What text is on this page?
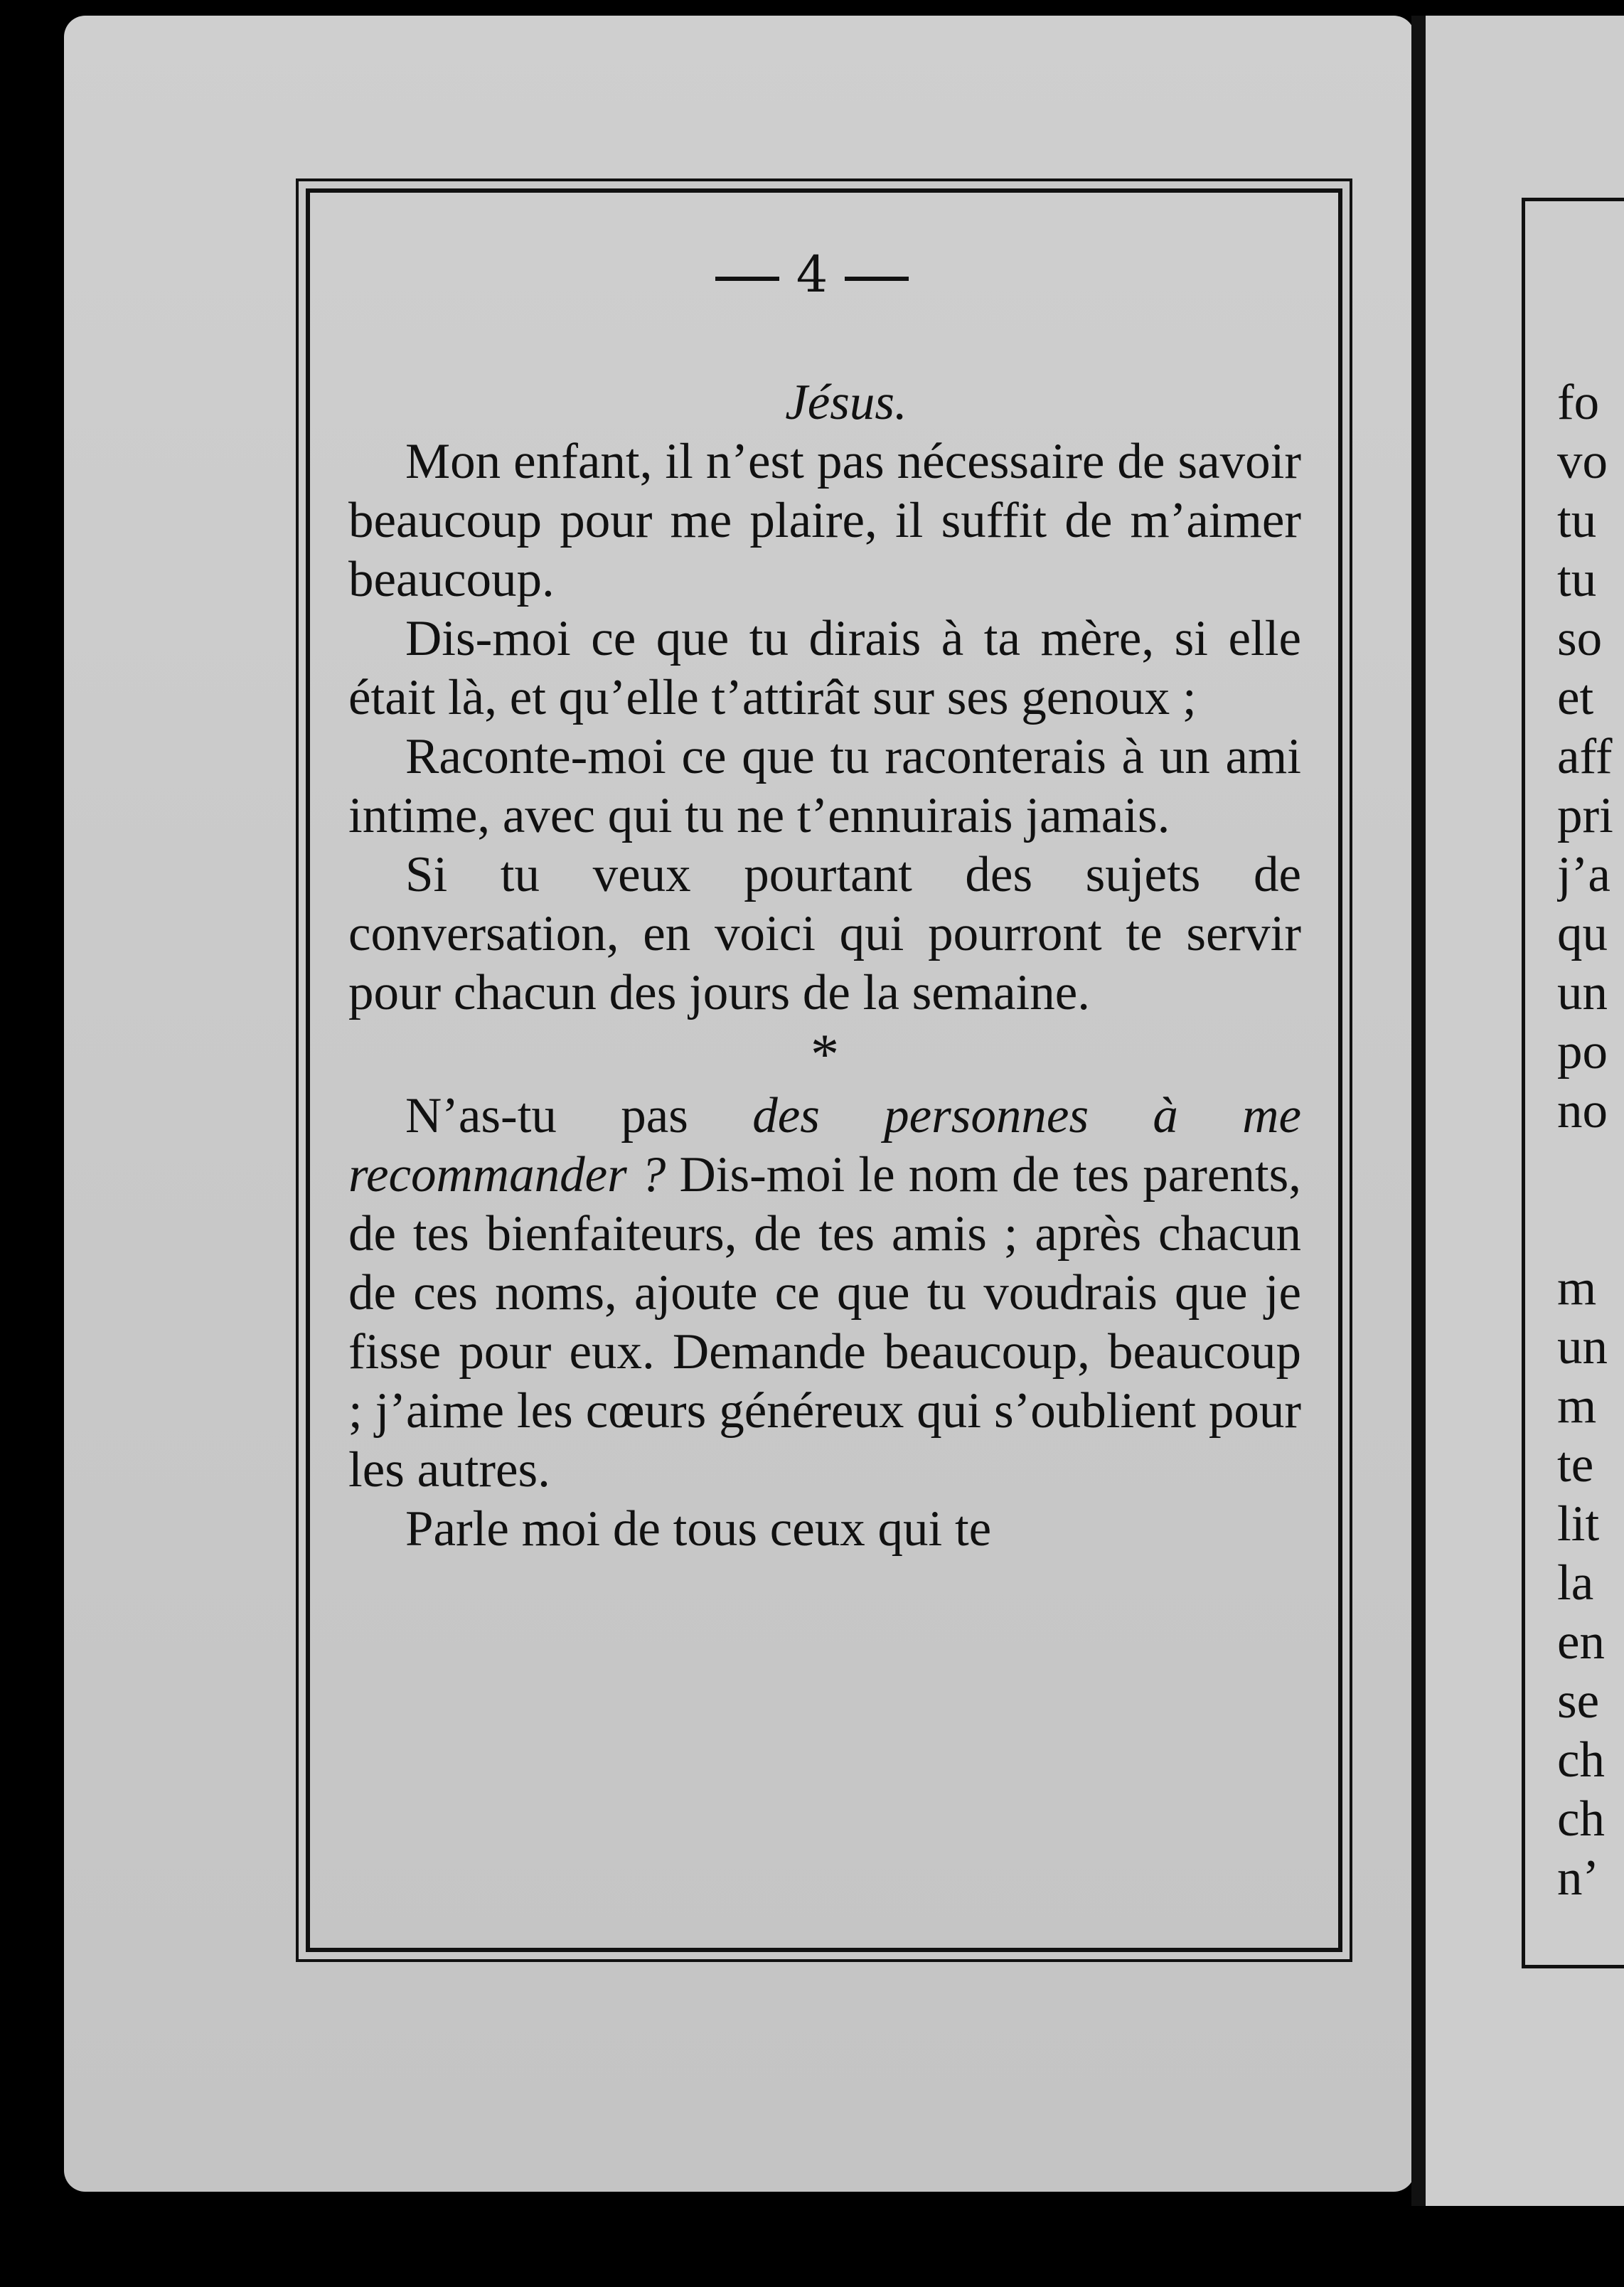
4

Jésus.

Mon enfant, il n’est pas nécessaire de savoir beaucoup pour me plaire, il suffit de m’aimer beaucoup.

Dis-moi ce que tu dirais à ta mère, si elle était là, et qu’elle t’attirât sur ses genoux ;

Raconte-moi ce que tu raconterais à un ami intime, avec qui tu ne t’ennuirais jamais.

Si tu veux pourtant des sujets de conversation, en voici qui pourront te servir pour chacun des jours de la semaine.

*

N’as-tu pas des personnes à me recommander ? Dis-moi le nom de tes parents, de tes bienfaiteurs, de tes amis ; après chacun de ces noms, ajoute ce que tu voudrais que je fisse pour eux. Demande beaucoup, beaucoup ; j’aime les cœurs généreux qui s’oublient pour les autres.

Parle moi de tous ceux qui te

fo
vo
tu
tu
so
et
aff
pri
j’a
qu
un
po
no
m
un
m
te
lit
la
en
se
ch
ch
n’
